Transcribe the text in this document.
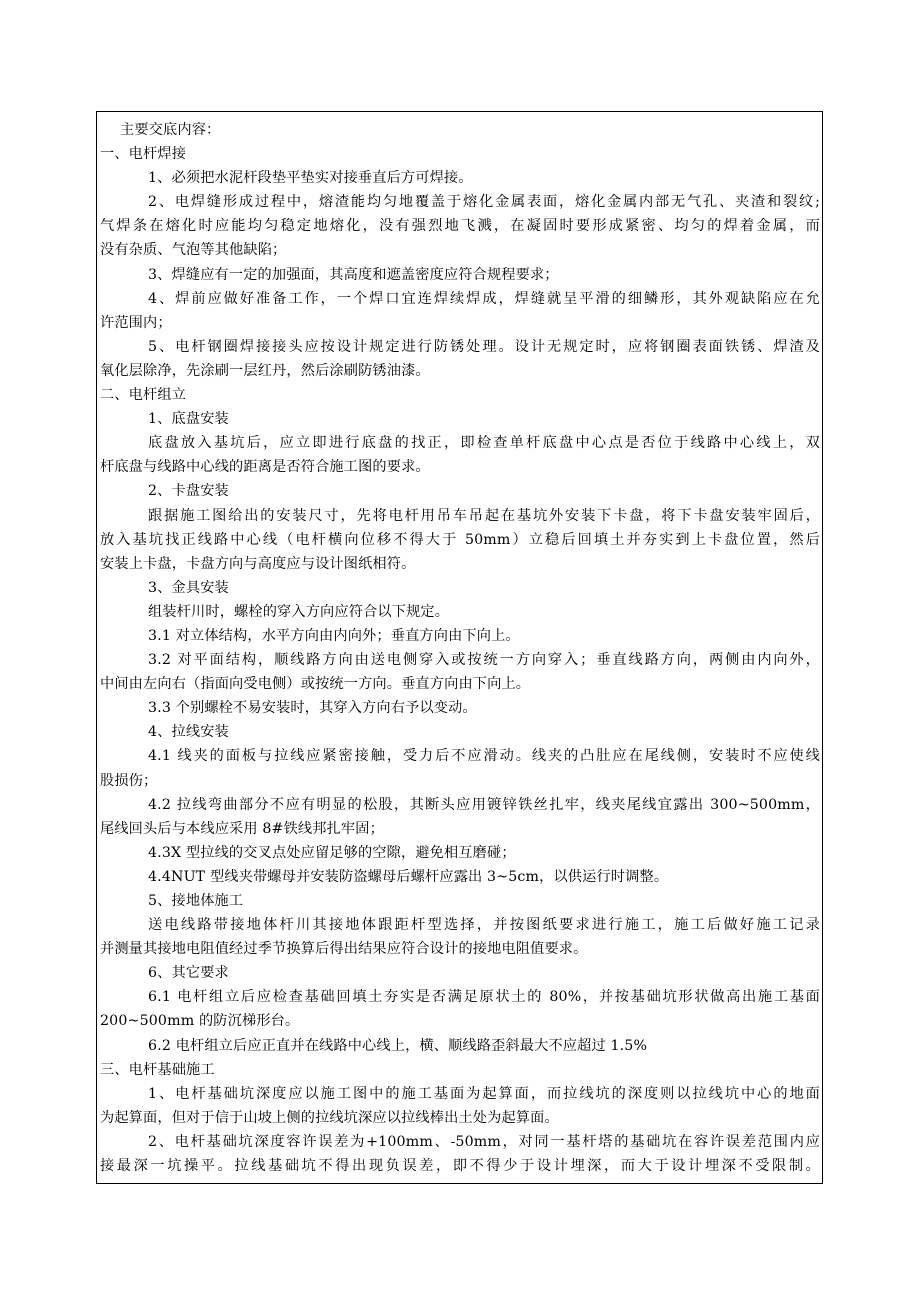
主要交底内容：
一、电杆焊接
1、必须把水泥杆段垫平垫实对接垂直后方可焊接。
2、电焊缝形成过程中，熔渣能均匀地覆盖于熔化金属表面，熔化金属内部无气孔、夹渣和裂纹;
气焊条在熔化时应能均匀稳定地熔化，没有强烈地飞溅，在凝固时要形成紧密、均匀的焊着金属，而
没有杂质、气泡等其他缺陷；
3、焊缝应有一定的加强面，其高度和遮盖密度应符合规程要求；
4、焊前应做好准备工作，一个焊口宜连焊续焊成，焊缝就呈平滑的细鳞形，其外观缺陷应在允
许范围内；
5、电杆钢圈焊接接头应按设计规定进行防锈处理。设计无规定时，应将钢圈表面铁锈、焊渣及
氧化层除净，先涂刷一层红丹，然后涂刷防锈油漆。
二、电杆组立
1、底盘安装
底盘放入基坑后，应立即进行底盘的找正，即检查单杆底盘中心点是否位于线路中心线上，双
杆底盘与线路中心线的距离是否符合施工图的要求。
2、卡盘安装
跟据施工图给出的安装尺寸，先将电杆用吊车吊起在基坑外安装下卡盘，将下卡盘安装牢固后，
放入基坑找正线路中心线（电杆横向位移不得大于 50mm）立稳后回填土并夯实到上卡盘位置，然后
安装上卡盘，卡盘方向与高度应与设计图纸相符。
3、金具安装
组装杆川时，螺栓的穿入方向应符合以下规定。
3.1 对立体结构，水平方向由内向外；垂直方向由下向上。
3.2 对平面结构，顺线路方向由送电侧穿入或按统一方向穿入；垂直线路方向，两侧由内向外，
中间由左向右（指面向受电侧）或按统一方向。垂直方向由下向上。
3.3 个别螺栓不易安装时，其穿入方向右予以变动。
4、拉线安装
4.1 线夹的面板与拉线应紧密接触，受力后不应滑动。线夹的凸肚应在尾线侧，安装时不应使线
股损伤；
4.2 拉线弯曲部分不应有明显的松股，其断头应用镀锌铁丝扎牢，线夹尾线宜露出 300~500mm，
尾线回头后与本线应采用 8#铁线邦扎牢固；
4.3X 型拉线的交叉点处应留足够的空隙，避免相互磨碰；
4.4NUT 型线夹带螺母并安装防盗螺母后螺杆应露出 3~5cm，以供运行时调整。
5、接地体施工
送电线路带接地体杆川其接地体跟距杆型选择，并按图纸要求进行施工，施工后做好施工记录
并测量其接地电阻值经过季节换算后得出结果应符合设计的接地电阻值要求。
6、其它要求
6.1 电杆组立后应检查基础回填土夯实是否满足原状土的 80%，并按基础坑形状做高出施工基面
200~500mm 的防沉梯形台。
6.2 电杆组立后应正直并在线路中心线上，横、顺线路歪斜最大不应超过 1.5%
三、电杆基础施工
1、电杆基础坑深度应以施工图中的施工基面为起算面，而拉线坑的深度则以拉线坑中心的地面
为起算面，但对于信于山坡上侧的拉线坑深应以拉线棒出土处为起算面。
2、电杆基础坑深度容许误差为+100mm、-50mm，对同一基杆塔的基础坑在容许误差范围内应
接最深一坑操平。拉线基础坑不得出现负误差，即不得少于设计埋深，而大于设计埋深不受限制。
